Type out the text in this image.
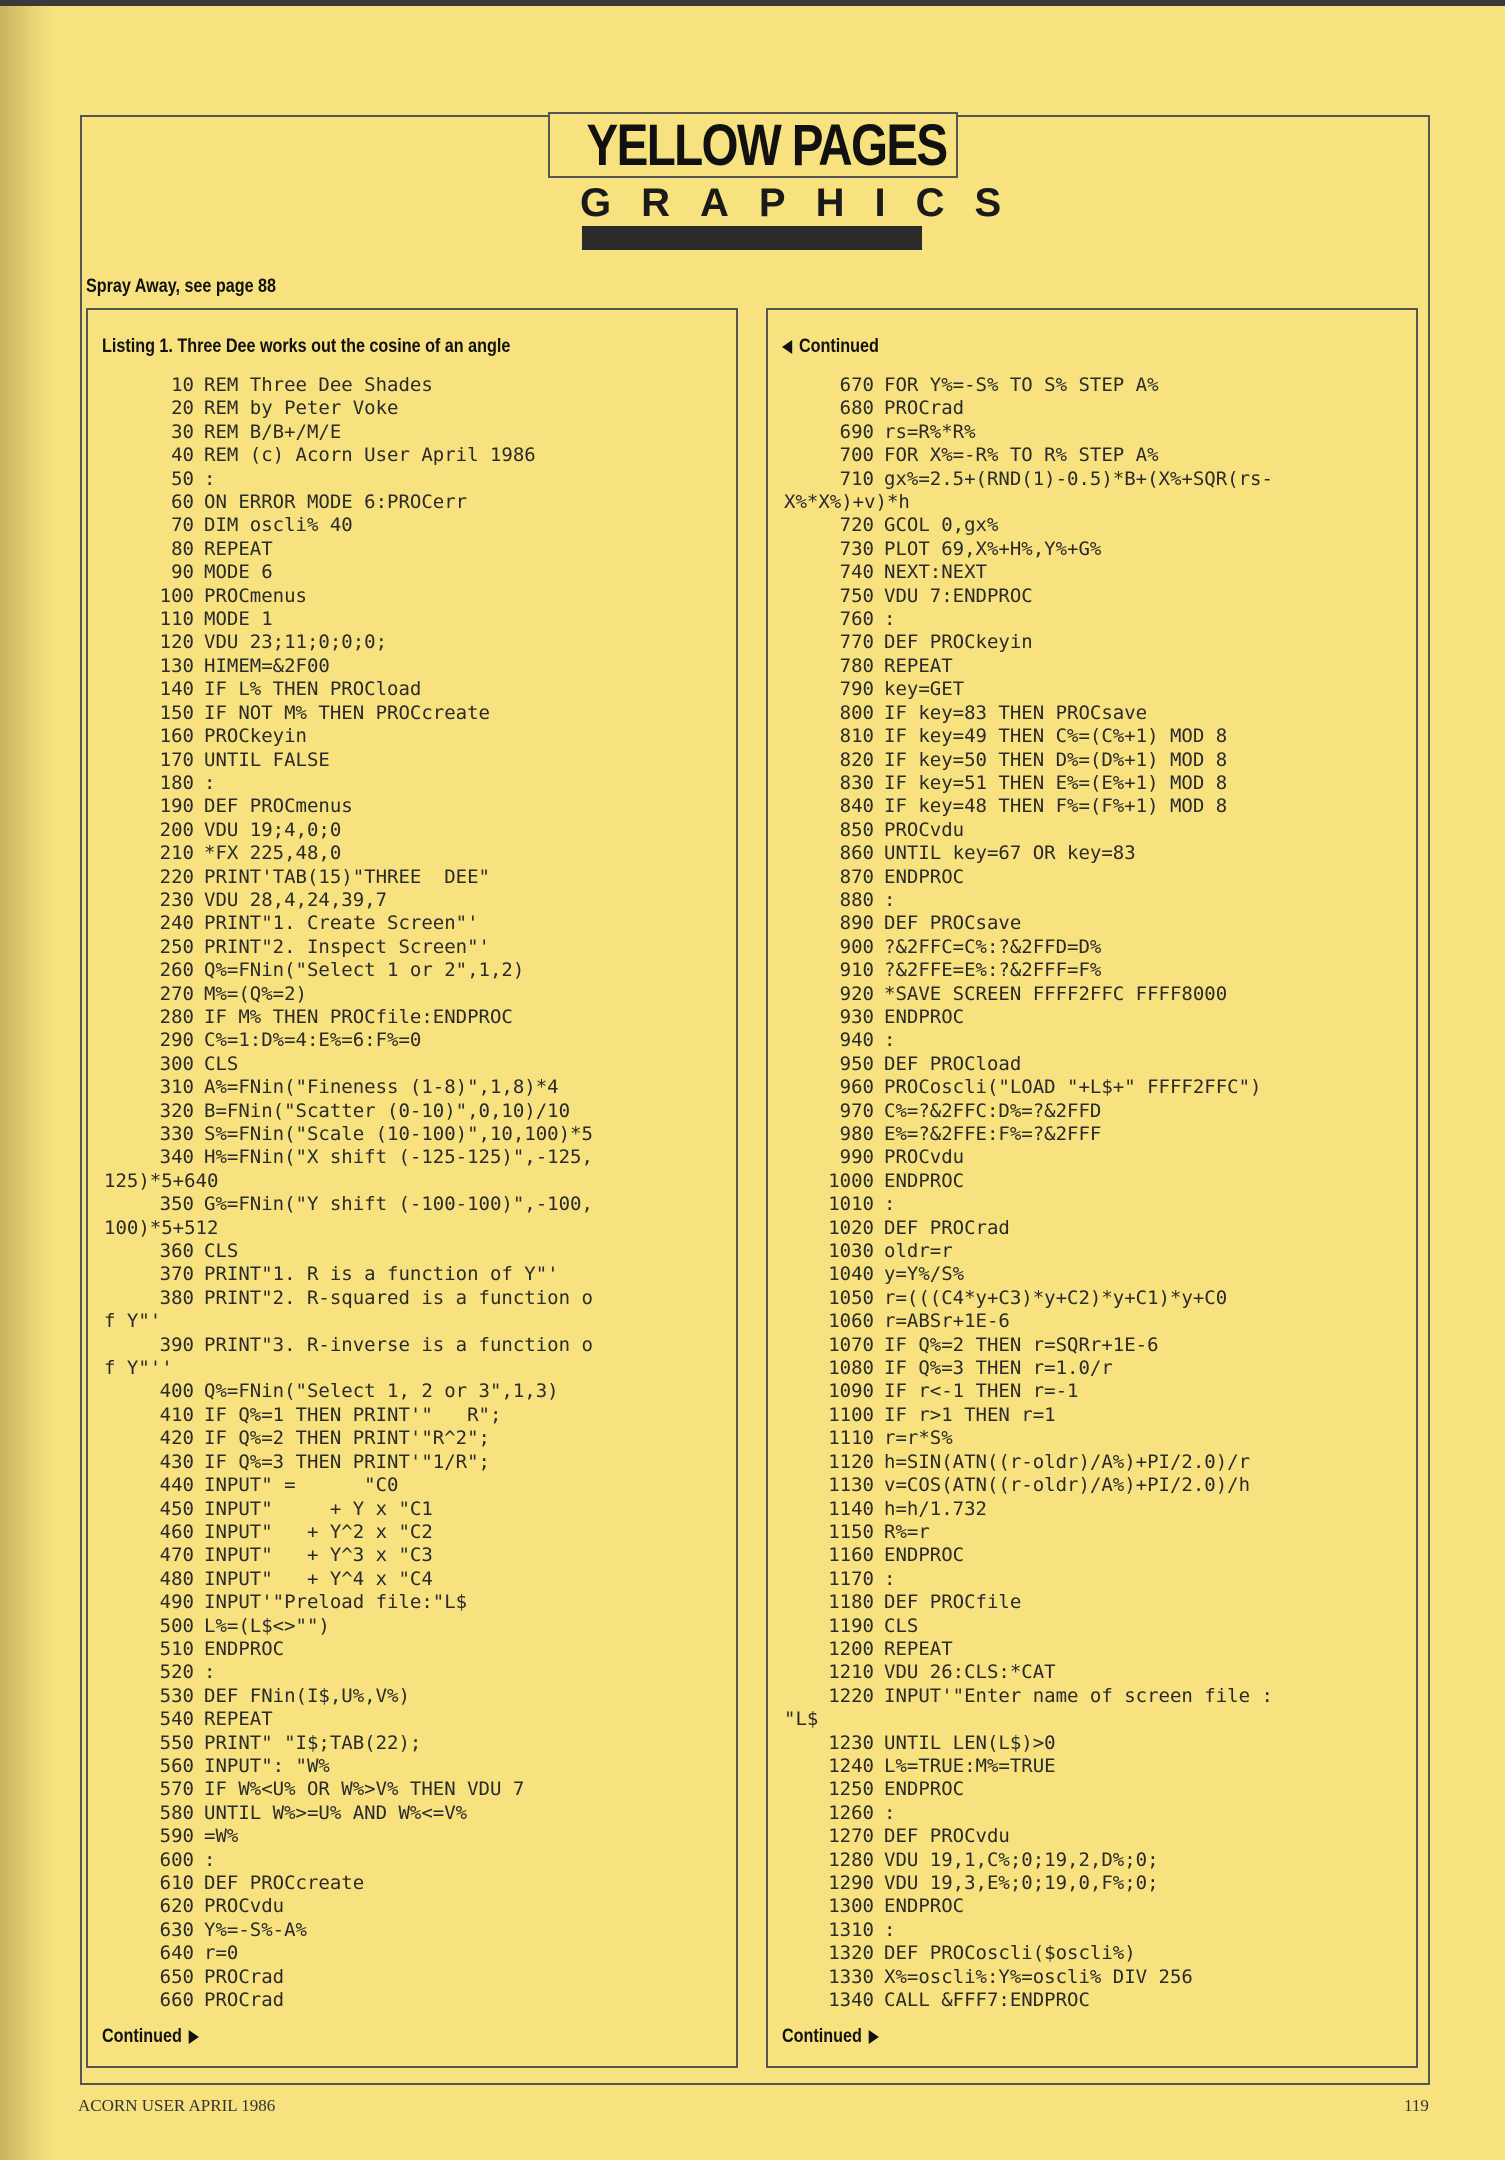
YELLOW PAGES
GRAPHICS
Spray Away, see page 88
Listing 1. Three Dee works out the cosine of an angle
10 REM Three Dee Shades
20 REM by Peter Voke
30 REM B/B+/M/E
40 REM (c) Acorn User April 1986
50 :
60 ON ERROR MODE 6:PROCerr
70 DIM oscli% 40
80 REPEAT
90 MODE 6
100 PROCmenus
110 MODE 1
120 VDU 23;11;0;0;0;
130 HIMEM=&2F00
140 IF L% THEN PROCload
150 IF NOT M% THEN PROCcreate
160 PROCkeyin
170 UNTIL FALSE
180 :
190 DEF PROCmenus
200 VDU 19;4,0;0
210 *FX 225,48,0
220 PRINT'TAB(15)"THREE  DEE"
230 VDU 28,4,24,39,7
240 PRINT"1. Create Screen"'
250 PRINT"2. Inspect Screen"'
260 Q%=FNin("Select 1 or 2",1,2)
270 M%=(Q%=2)
280 IF M% THEN PROCfile:ENDPROC
290 C%=1:D%=4:E%=6:F%=0
300 CLS
310 A%=FNin("Fineness (1-8)",1,8)*4
320 B=FNin("Scatter (0-10)",0,10)/10
330 S%=FNin("Scale (10-100)",10,100)*5
340 H%=FNin("X shift (-125-125)",-125,
125)*5+640
350 G%=FNin("Y shift (-100-100)",-100,
100)*5+512
360 CLS
370 PRINT"1. R is a function of Y"'
380 PRINT"2. R-squared is a function o
f Y"'
390 PRINT"3. R-inverse is a function o
f Y"''
400 Q%=FNin("Select 1, 2 or 3",1,3)
410 IF Q%=1 THEN PRINT'"   R";
420 IF Q%=2 THEN PRINT'"R^2";
430 IF Q%=3 THEN PRINT'"1/R";
440 INPUT" =      "C0
450 INPUT"     + Y x "C1
460 INPUT"   + Y^2 x "C2
470 INPUT"   + Y^3 x "C3
480 INPUT"   + Y^4 x "C4
490 INPUT'"Preload file:"L$
500 L%=(L$<>"")
510 ENDPROC
520 :
530 DEF FNin(I$,U%,V%)
540 REPEAT
550 PRINT" "I$;TAB(22);
560 INPUT": "W%
570 IF W%<U% OR W%>V% THEN VDU 7
580 UNTIL W%>=U% AND W%<=V%
590 =W%
600 :
610 DEF PROCcreate
620 PROCvdu
630 Y%=-S%-A%
640 r=0
650 PROCrad
660 PROCrad
Continued
Continued
670 FOR Y%=-S% TO S% STEP A%
680 PROCrad
690 rs=R%*R%
700 FOR X%=-R% TO R% STEP A%
710 gx%=2.5+(RND(1)-0.5)*B+(X%+SQR(rs-
X%*X%)+v)*h
720 GCOL 0,gx%
730 PLOT 69,X%+H%,Y%+G%
740 NEXT:NEXT
750 VDU 7:ENDPROC
760 :
770 DEF PROCkeyin
780 REPEAT
790 key=GET
800 IF key=83 THEN PROCsave
810 IF key=49 THEN C%=(C%+1) MOD 8
820 IF key=50 THEN D%=(D%+1) MOD 8
830 IF key=51 THEN E%=(E%+1) MOD 8
840 IF key=48 THEN F%=(F%+1) MOD 8
850 PROCvdu
860 UNTIL key=67 OR key=83
870 ENDPROC
880 :
890 DEF PROCsave
900 ?&2FFC=C%:?&2FFD=D%
910 ?&2FFE=E%:?&2FFF=F%
920 *SAVE SCREEN FFFF2FFC FFFF8000
930 ENDPROC
940 :
950 DEF PROCload
960 PROCoscli("LOAD "+L$+" FFFF2FFC")
970 C%=?&2FFC:D%=?&2FFD
980 E%=?&2FFE:F%=?&2FFF
990 PROCvdu
1000 ENDPROC
1010 :
1020 DEF PROCrad
1030 oldr=r
1040 y=Y%/S%
1050 r=(((C4*y+C3)*y+C2)*y+C1)*y+C0
1060 r=ABSr+1E-6
1070 IF Q%=2 THEN r=SQRr+1E-6
1080 IF Q%=3 THEN r=1.0/r
1090 IF r<-1 THEN r=-1
1100 IF r>1 THEN r=1
1110 r=r*S%
1120 h=SIN(ATN((r-oldr)/A%)+PI/2.0)/r
1130 v=COS(ATN((r-oldr)/A%)+PI/2.0)/h
1140 h=h/1.732
1150 R%=r
1160 ENDPROC
1170 :
1180 DEF PROCfile
1190 CLS
1200 REPEAT
1210 VDU 26:CLS:*CAT
1220 INPUT'"Enter name of screen file :
"L$
1230 UNTIL LEN(L$)>0
1240 L%=TRUE:M%=TRUE
1250 ENDPROC
1260 :
1270 DEF PROCvdu
1280 VDU 19,1,C%;0;19,2,D%;0;
1290 VDU 19,3,E%;0;19,0,F%;0;
1300 ENDPROC
1310 :
1320 DEF PROCoscli($oscli%)
1330 X%=oscli%:Y%=oscli% DIV 256
1340 CALL &FFF7:ENDPROC
Continued
ACORN USER APRIL 1986	119
